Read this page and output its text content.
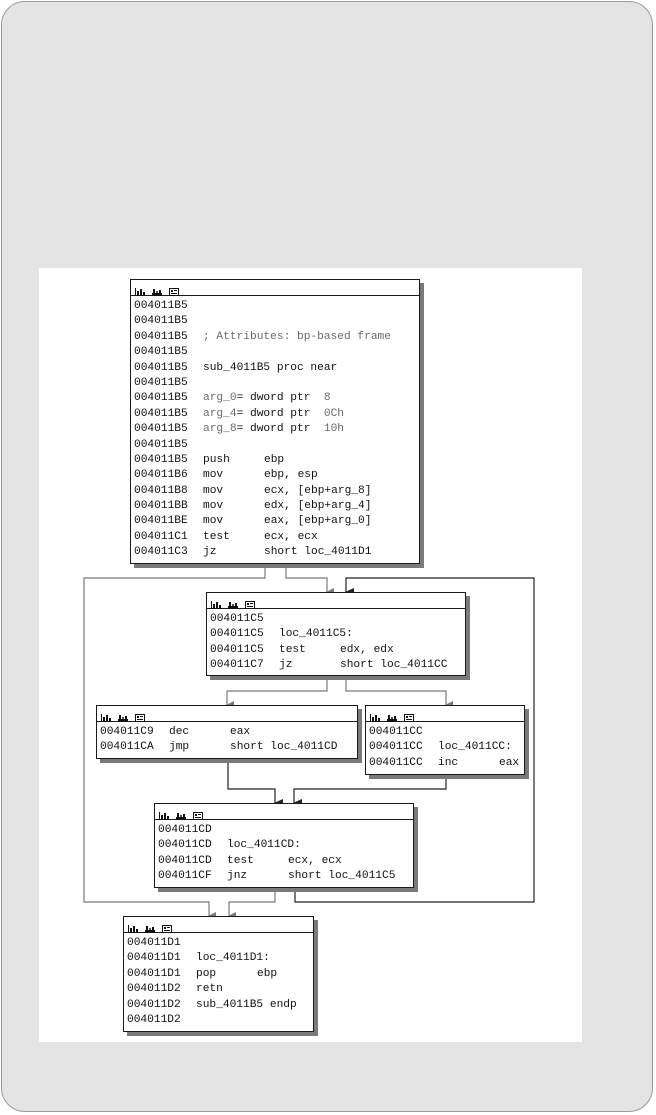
004011B5
004011B5
004011B5	; Attributes: bp-based frame
004011B5
004011B5	sub_4011B5 proc near
004011B5
004011B5	arg_0 = dword ptr 8
004011B5	arg_4 = dword ptr 0Ch
004011B5	arg_8 = dword ptr 10h
004011B5
004011B5	push	ebp
004011B6	mov	ebp, esp
004011B8	mov	ecx, [ebp+arg_8]
004011BB	mov	edx, [ebp+arg_4]
004011BE	mov	eax, [ebp+arg_0]
004011C1	test	ecx, ecx
004011C3	jz	short loc_4011D1
004011C5
004011C5	loc_4011C5:
004011C5	test	edx, edx
004011C7	jz	short loc_4011CC
004011C9	dec	eax
004011CA	jmp	short loc_4011CD
004011CC
004011CC	loc_4011CC:
004011CC	inc	eax
004011CD
004011CD	loc_4011CD:
004011CD	test	ecx, ecx
004011CF	jnz	short loc_4011C5
004011D1
004011D1	loc_4011D1:
004011D1	pop	ebp
004011D2	retn
004011D2	sub_4011B5 endp
004011D2
